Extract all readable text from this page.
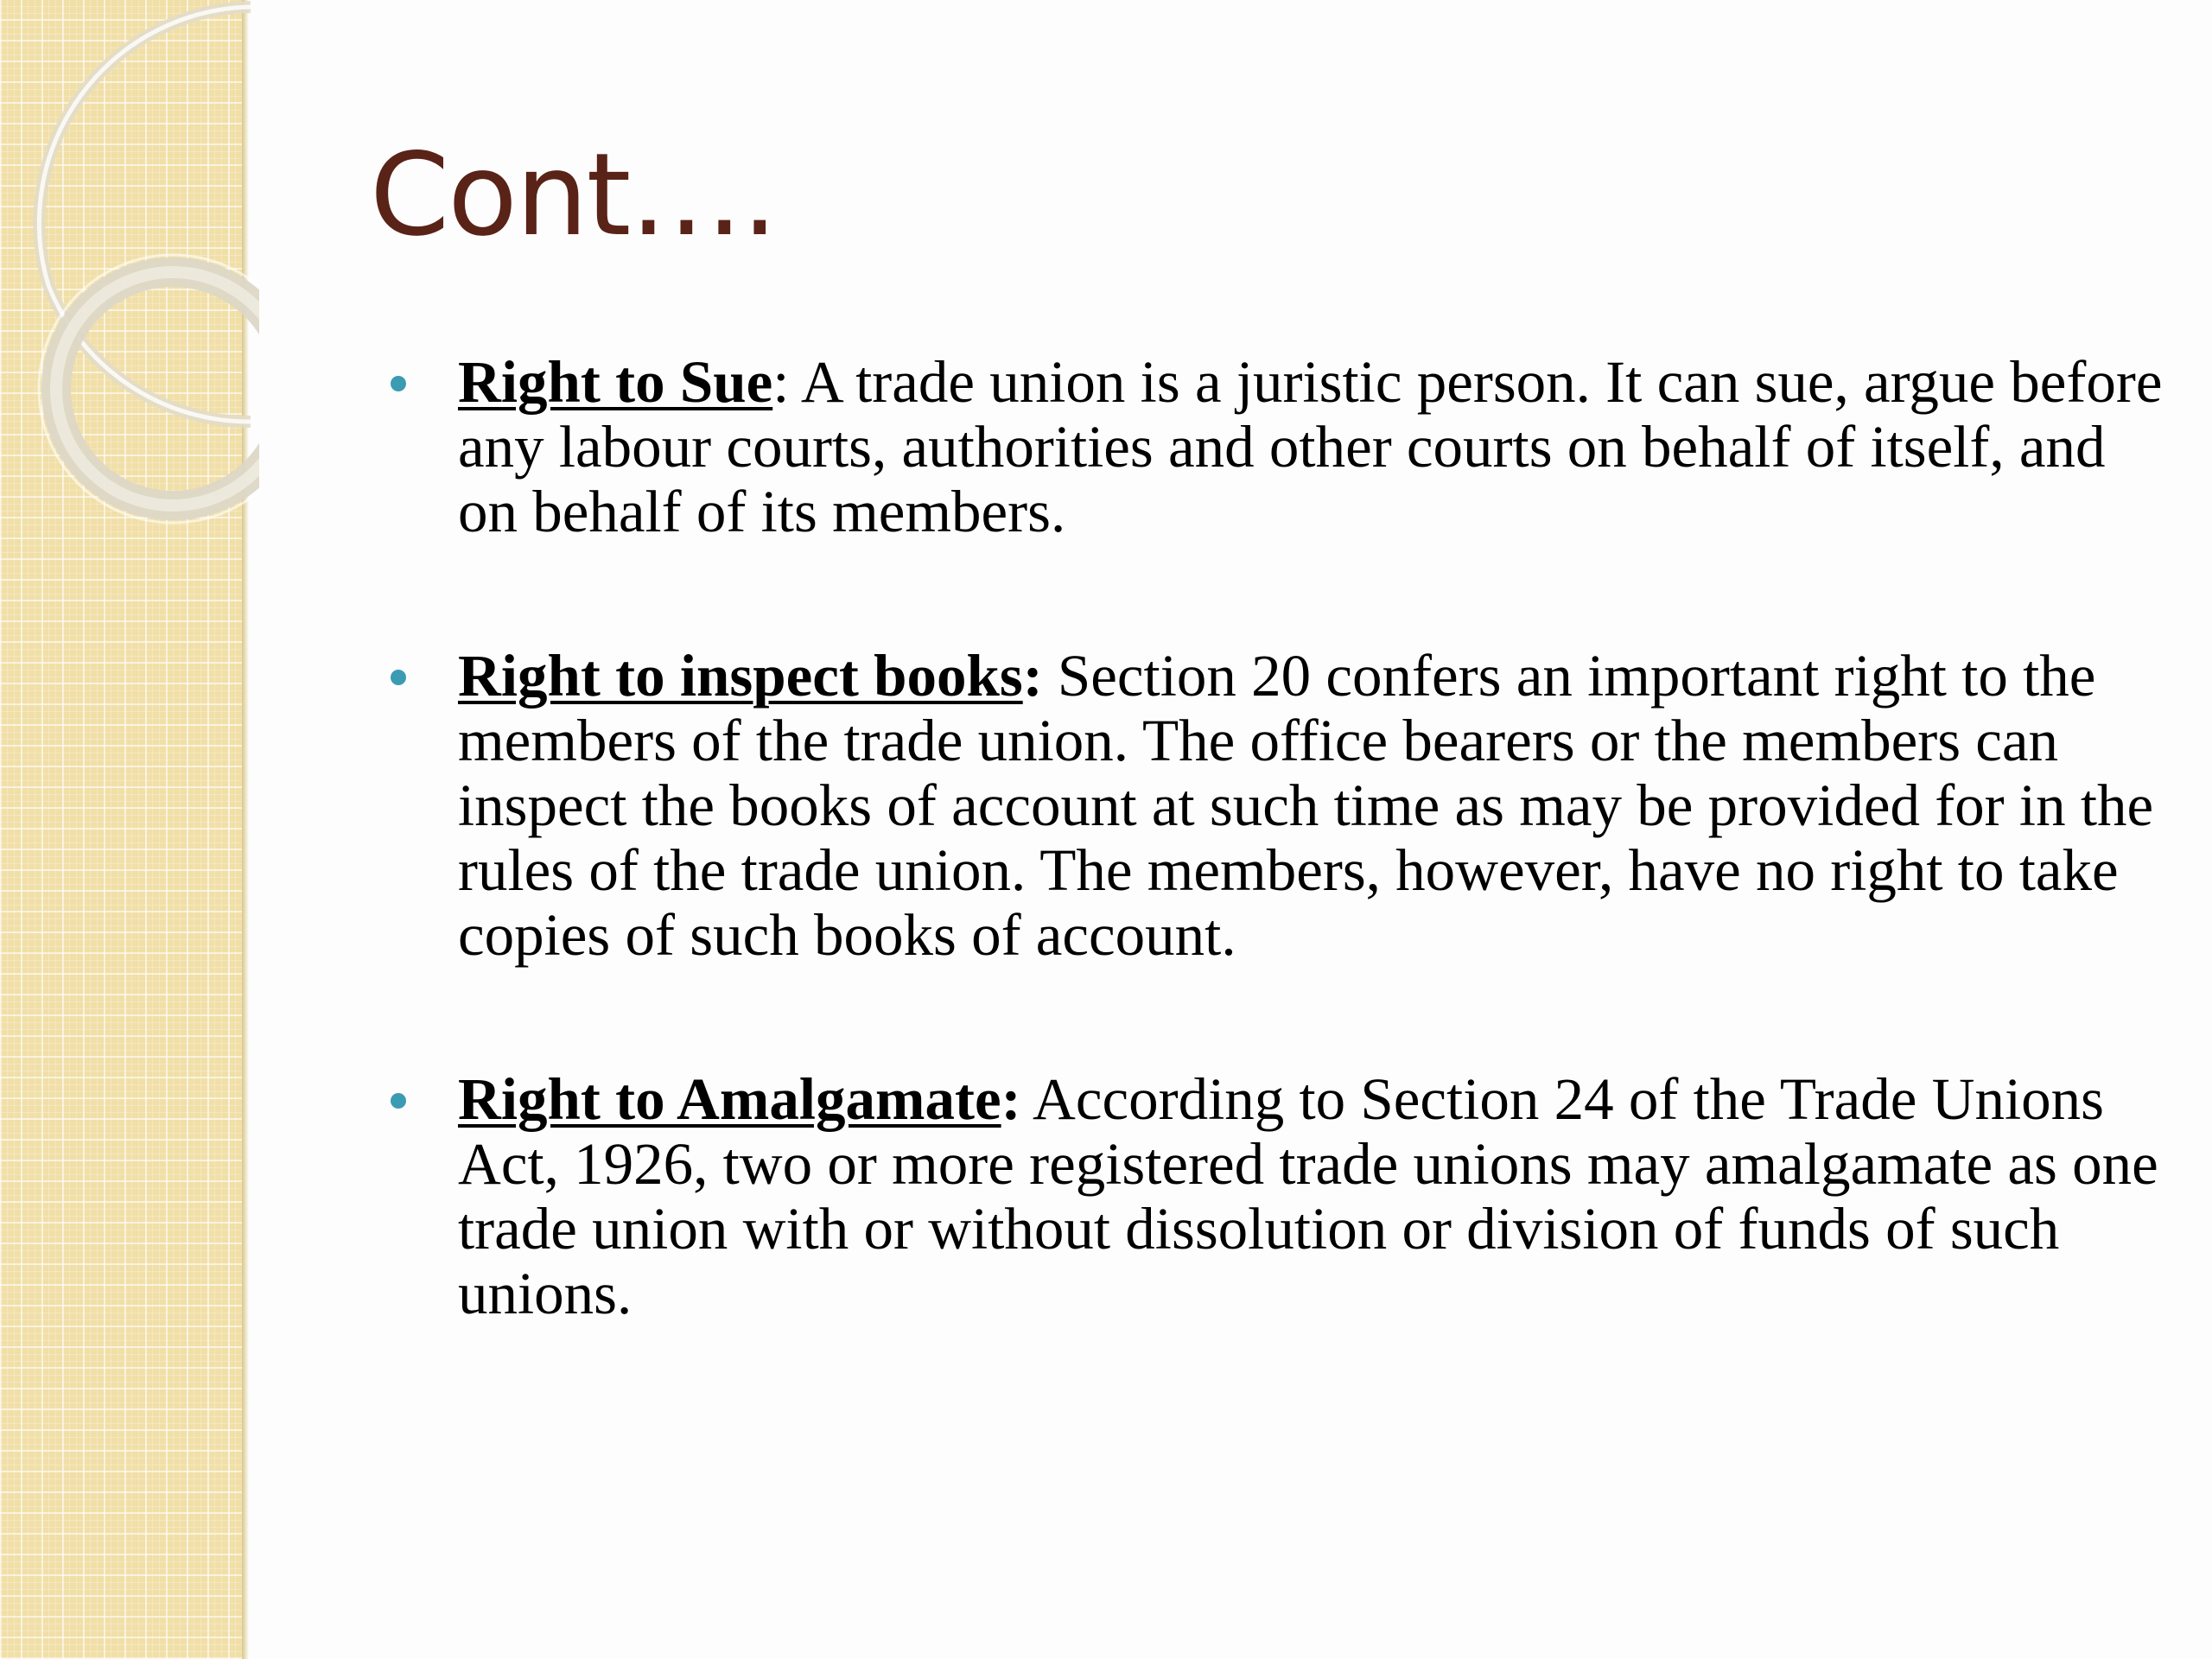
Cont….
Right to Sue: A trade union is a juristic person. It can sue, argue before any labour courts, authorities and other courts on behalf of itself, and on behalf of its members.
Right to inspect books: Section 20 confers an important right to the members of the trade union. The office bearers or the members can inspect the books of account at such time as may be provided for in the rules of the trade union. The members, however, have no right to take copies of such books of account.
Right to Amalgamate: According to Section 24 of the Trade Unions Act, 1926, two or more registered trade unions may amalgamate as one trade union with or without dissolution or division of funds of such unions.
